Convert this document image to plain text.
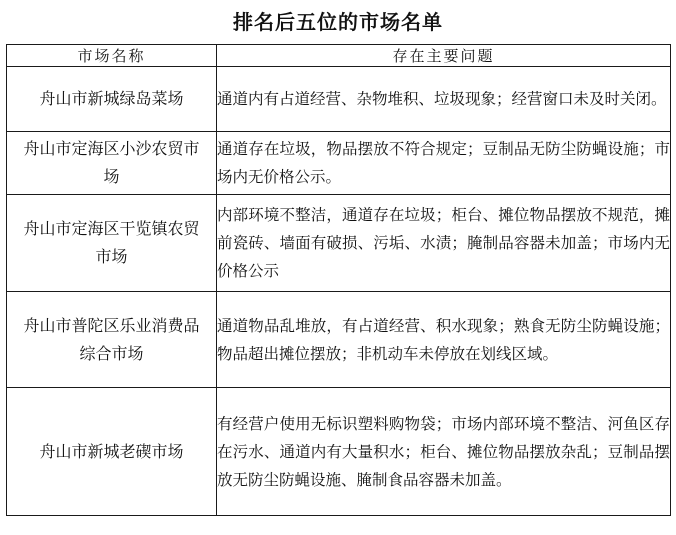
排名后五位的市场名单
市场名称	存在主要问题
舟山市新城绿岛菜场	通道内有占道经营、杂物堆积、垃圾现象；经营窗口未及时关闭。
舟山市定海区小沙农贸市场	通道存在垃圾，物品摆放不符合规定；豆制品无防尘防蝇设施；市场内无价格公示。
舟山市定海区干览镇农贸市场	内部环境不整洁，通道存在垃圾；柜台、摊位物品摆放不规范，摊前瓷砖、墙面有破损、污垢、水渍；腌制品容器未加盖；市场内无价格公示
舟山市普陀区乐业消费品综合市场	通道物品乱堆放，有占道经营、积水现象；熟食无防尘防蝇设施；物品超出摊位摆放；非机动车未停放在划线区域。
舟山市新城老碶市场	有经营户使用无标识塑料购物袋；市场内部环境不整洁、河鱼区存在污水、通道内有大量积水；柜台、摊位物品摆放杂乱；豆制品摆放无防尘防蝇设施、腌制食品容器未加盖。
